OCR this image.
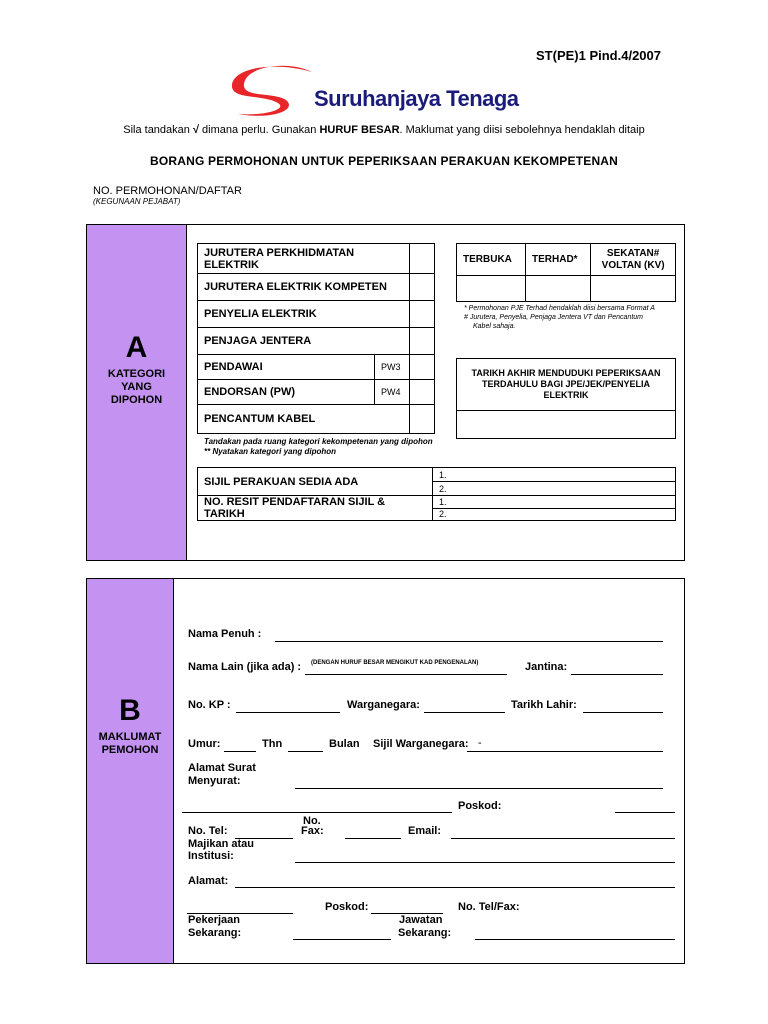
ST(PE)1 Pind.4/2007
Suruhanjaya Tenaga
Sila tandakan √ dimana perlu. Gunakan HURUF BESAR. Maklumat yang diisi sebolehnya hendaklah ditaip
BORANG PERMOHONAN UNTUK PEPERIKSAAN PERAKUAN KEKOMPETENAN
NO. PERMOHONAN/DAFTAR
(KEGUNAAN PEJABAT)
A
KATEGORI
YANG
DIPOHON
JURUTERA PERKHIDMATAN ELEKTRIK		
JURUTERA ELEKTRIK KOMPETEN		
PENYELIA ELEKTRIK		
PENJAGA JENTERA		
PENDAWAI	PW3	
ENDORSAN (PW)	PW4	
PENCANTUM KABEL		
Tandakan pada ruang kategori kekompetenan yang dipohon
** Nyatakan kategori yang dipohon
TERBUKA	TERHAD*	SEKATAN#
VOLTAN (KV)

* Permohonan PJE Terhad hendaklah diisi bersama Format A
# Jurutera, Penyelia, Penjaga Jentera VT dan Pencantum
Kabel sahaja.
TARIKH AKHIR MENDUDUKI PEPERIKSAAN TERDAHULU BAGI JPE/JEK/PENYELIA ELEKTRIK

SIJIL PERAKUAN SEDIA ADA	1.
	2.
NO. RESIT PENDAFTARAN SIJIL & TARIKH	1.
	2.
B
MAKLUMAT
PEMOHON
Nama Penuh :
Nama Lain (jika ada) : (DENGAN HURUF BESAR MENGIKUT KAD PENGENALAN)	Jantina:
No. KP :	Warganegara:	Tarikh Lahir:
Umur:	Thn	Bulan Sijil Warganegara: -
Alamat Surat
Menyurat:
Poskod:
No. Tel:
No.
Fax:	Email:
Majikan atau
Institusi:
Alamat:
Poskod:	No. Tel/Fax:
Pekerjaan
Sekarang:
Jawatan
Sekarang:
